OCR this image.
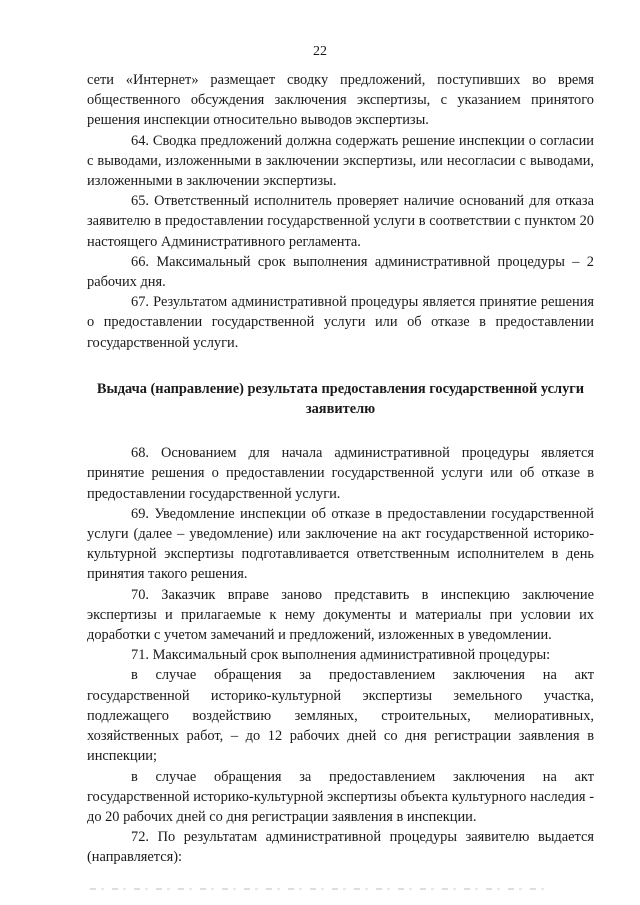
22

сети «Интернет» размещает сводку предложений, поступивших во время общественного обсуждения заключения экспертизы, с указанием принятого решения инспекции относительно выводов экспертизы.

64. Сводка предложений должна содержать решение инспекции о согласии с выводами, изложенными в заключении экспертизы, или несогласии с выводами, изложенными в заключении экспертизы.

65. Ответственный исполнитель проверяет наличие оснований для отказа заявителю в предоставлении государственной услуги в соответствии с пунктом 20 настоящего Административного регламента.

66. Максимальный срок выполнения административной процедуры – 2 рабочих дня.

67. Результатом административной процедуры является принятие решения о предоставлении государственной услуги или об отказе в предоставлении государственной услуги.

Выдача (направление) результата предоставления государственной услуги заявителю

68. Основанием для начала административной процедуры является принятие решения о предоставлении государственной услуги или об отказе в предоставлении государственной услуги.

69. Уведомление инспекции об отказе в предоставлении государственной услуги (далее – уведомление) или заключение на акт государственной историко-культурной экспертизы подготавливается ответственным исполнителем в день принятия такого решения.

70. Заказчик вправе заново представить в инспекцию заключение экспертизы и прилагаемые к нему документы и материалы при условии их доработки с учетом замечаний и предложений, изложенных в уведомлении.

71. Максимальный срок выполнения административной процедуры:

в случае обращения за предоставлением заключения на акт государственной историко-культурной экспертизы земельного участка, подлежащего воздействию земляных, строительных, мелиоративных, хозяйственных работ, – до 12 рабочих дней со дня регистрации заявления в инспекции;

в случае обращения за предоставлением заключения на акт государственной историко-культурной экспертизы объекта культурного наследия - до 20 рабочих дней со дня регистрации заявления в инспекции.

72. По результатам административной процедуры заявителю выдается (направляется):
